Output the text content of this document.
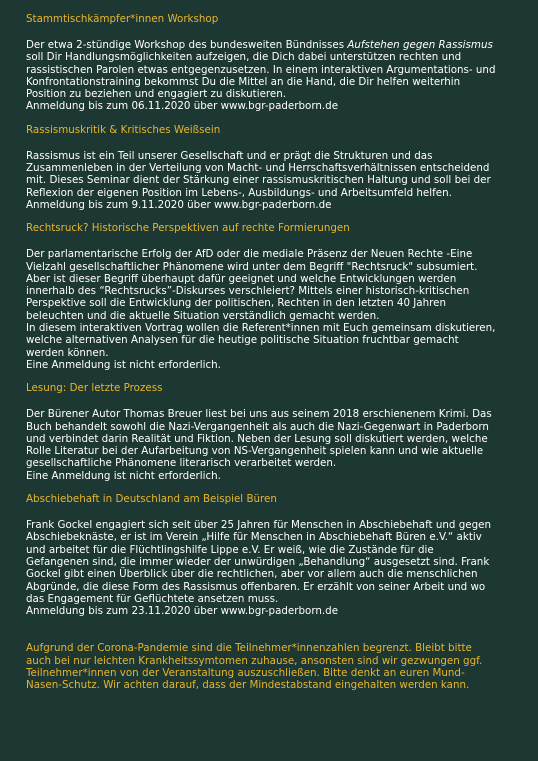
Stammtischkämpfer*innen Workshop

Der etwa 2-stündige Workshop des bundesweiten Bündnisses Aufstehen gegen Rassismus
soll Dir Handlungsmöglichkeiten aufzeigen, die Dich dabei unterstützen rechten und
rassistischen Parolen etwas entgegenzusetzen. In einem interaktiven Argumentations- und
Konfrontationstraining bekommst Du die Mittel an die Hand, die Dir helfen weiterhin
Position zu beziehen und engagiert zu diskutieren.
Anmeldung bis zum 06.11.2020 über www.bgr-paderborn.de

Rassismuskritik & Kritisches Weißsein

Rassismus ist ein Teil unserer Gesellschaft und er prägt die Strukturen und das
Zusammenleben in der Verteilung von Macht- und Herrschaftsverhältnissen entscheidend
mit. Dieses Seminar dient der Stärkung einer rassismuskritischen Haltung und soll bei der
Reflexion der eigenen Position im Lebens-, Ausbildungs- und Arbeitsumfeld helfen.
Anmeldung bis zum 9.11.2020 über www.bgr-paderborn.de

Rechtsruck? Historische Perspektiven auf rechte Formierungen

Der parlamentarische Erfolg der AfD oder die mediale Präsenz der Neuen Rechte -Eine
Vielzahl gesellschaftlicher Phänomene wird unter dem Begriff "Rechtsruck" subsumiert.
Aber ist dieser Begriff überhaupt dafür geeignet und welche Entwicklungen werden
innerhalb des “Rechtsrucks”-Diskurses verschleiert? Mittels einer historisch-kritischen
Perspektive soll die Entwicklung der politischen, Rechten in den letzten 40 Jahren
beleuchten und die aktuelle Situation verständlich gemacht werden.
In diesem interaktiven Vortrag wollen die Referent*innen mit Euch gemeinsam diskutieren,
welche alternativen Analysen für die heutige politische Situation fruchtbar gemacht
werden können.
Eine Anmeldung ist nicht erforderlich.

Lesung: Der letzte Prozess

Der Bürener Autor Thomas Breuer liest bei uns aus seinem 2018 erschienenem Krimi. Das
Buch behandelt sowohl die Nazi-Vergangenheit als auch die Nazi-Gegenwart in Paderborn
und verbindet darin Realität und Fiktion. Neben der Lesung soll diskutiert werden, welche
Rolle Literatur bei der Aufarbeitung von NS-Vergangenheit spielen kann und wie aktuelle
gesellschaftliche Phänomene literarisch verarbeitet werden.
Eine Anmeldung ist nicht erforderlich.

Abschiebehaft in Deutschland am Beispiel Büren

Frank Gockel engagiert sich seit über 25 Jahren für Menschen in Abschiebehaft und gegen
Abschiebeknäste, er ist im Verein „Hilfe für Menschen in Abschiebehaft Büren e.V.“ aktiv
und arbeitet für die Flüchtlingshilfe Lippe e.V. Er weiß, wie die Zustände für die
Gefangenen sind, die immer wieder der unwürdigen „Behandlung“ ausgesetzt sind. Frank
Gockel gibt einen Überblick über die rechtlichen, aber vor allem auch die menschlichen
Abgründe, die diese Form des Rassismus offenbaren. Er erzählt von seiner Arbeit und wo
das Engagement für Geflüchtete ansetzen muss.
Anmeldung bis zum 23.11.2020 über www.bgr-paderborn.de

Aufgrund der Corona-Pandemie sind die Teilnehmer*innenzahlen begrenzt. Bleibt bitte
auch bei nur leichten Krankheitssymtomen zuhause, ansonsten sind wir gezwungen ggf.
Teilnehmer*innen von der Veranstaltung auszuschließen. Bitte denkt an euren Mund-
Nasen-Schutz. Wir achten darauf, dass der Mindestabstand eingehalten werden kann.
